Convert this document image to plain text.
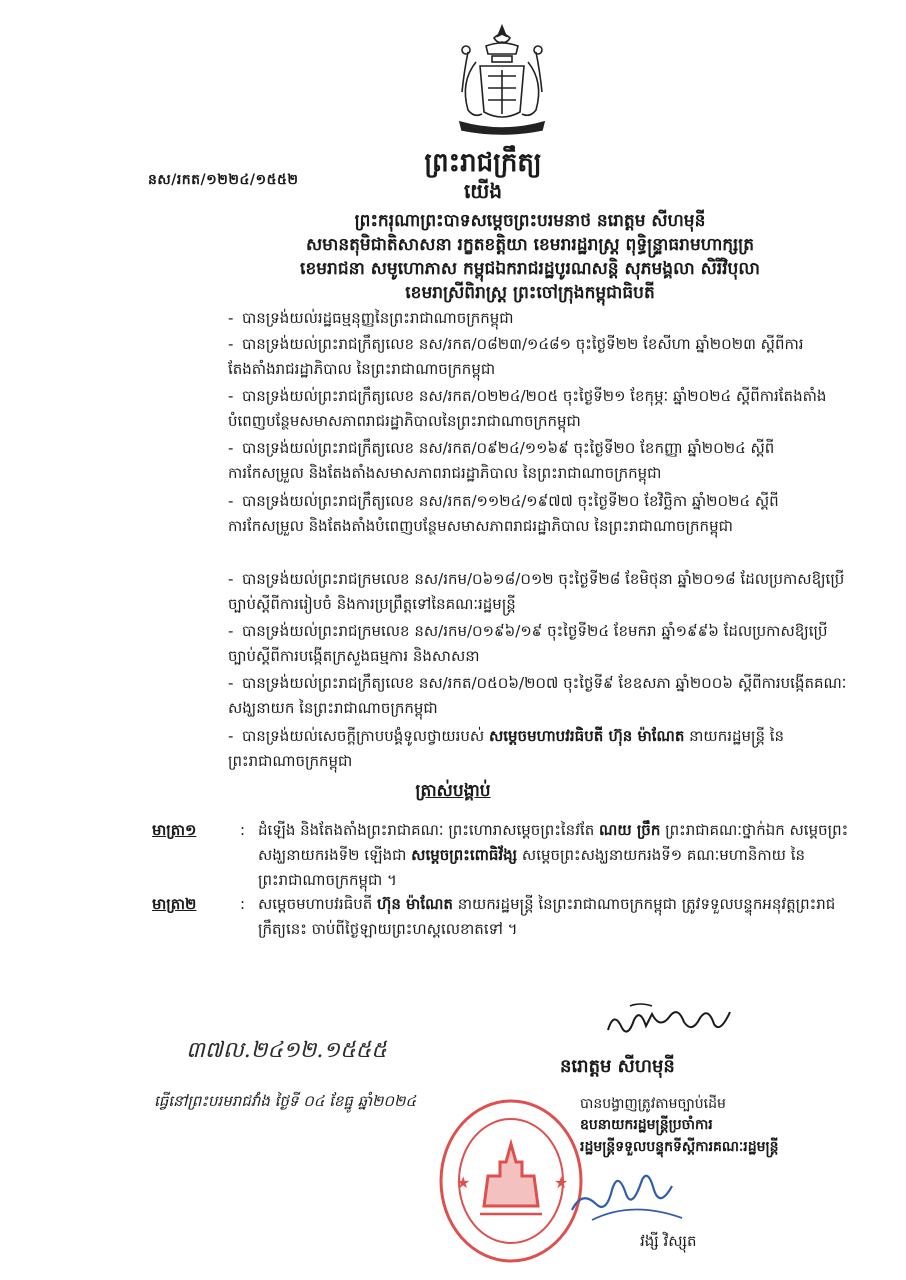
នស/រកត/១២២៤/១៥៥២
ព្រះរាជក្រឹត្យ
យើង
ព្រះករុណាព្រះបាទសម្តេចព្រះបរមនាថ នរោត្តម សីហមុនី
សមានតុមិជាតិសាសនា រក្ខតខត្តិយា ខេមរារដ្ឋរាស្ត្រ ពុទ្ធិន្ទ្រាធរាមហាក្សត្រ
ខេមរាជនា សមូហោភាស កម្ពុជឯករាជរដ្ឋបូរណសន្តិ សុភមង្គលា សិរីវិបុលា
ខេមរាស្រីពិរាស្ត្រ ព្រះចៅក្រុងកម្ពុជាធិបតី
- បានទ្រង់យល់រដ្ឋធម្មនុញ្ញនៃព្រះរាជាណាចក្រកម្ពុជា
- បានទ្រង់យល់ព្រះរាជក្រឹត្យលេខ នស/រកត/០៨២៣/១៤៨១ ចុះថ្ងៃទី២២ ខែសីហា ឆ្នាំ២០២៣ ស្តីពីការតែងតាំងរាជរដ្ឋាភិបាល នៃព្រះរាជាណាចក្រកម្ពុជា
- បានទ្រង់យល់ព្រះរាជក្រឹត្យលេខ នស/រកត/០២២៤/២០៥ ចុះថ្ងៃទី២១ ខែកុម្ភៈ ឆ្នាំ២០២៤ ស្តីពីការតែងតាំងបំពេញបន្ថែមសមាសភាពរាជរដ្ឋាភិបាលនៃព្រះរាជាណាចក្រកម្ពុជា
- បានទ្រង់យល់ព្រះរាជក្រឹត្យលេខ នស/រកត/០៩២៤/១១៦៩ ចុះថ្ងៃទី២០ ខែកញ្ញា ឆ្នាំ២០២៤ ស្តីពីការកែសម្រួល និងតែងតាំងសមាសភាពរាជរដ្ឋាភិបាល នៃព្រះរាជាណាចក្រកម្ពុជា
- បានទ្រង់យល់ព្រះរាជក្រឹត្យលេខ នស/រកត/១១២៤/១៩៧៧ ចុះថ្ងៃទី២០ ខែវិច្ឆិកា ឆ្នាំ២០២៤ ស្តីពីការកែសម្រួល និងតែងតាំងបំពេញបន្ថែមសមាសភាពរាជរដ្ឋាភិបាល នៃព្រះរាជាណាចក្រកម្ពុជា
- បានទ្រង់យល់ព្រះរាជក្រមលេខ នស/រកម/០៦១៨/០១២ ចុះថ្ងៃទី២៨ ខែមិថុនា ឆ្នាំ២០១៨ ដែលប្រកាសឱ្យប្រើច្បាប់ស្តីពីការរៀបចំ និងការប្រព្រឹត្តទៅនៃគណៈរដ្ឋមន្ត្រី
- បានទ្រង់យល់ព្រះរាជក្រមលេខ នស/រកម/០១៩៦/១៩ ចុះថ្ងៃទី២៤ ខែមករា ឆ្នាំ១៩៩៦ ដែលប្រកាសឱ្យប្រើច្បាប់ស្តីពីការបង្កើតក្រសួងធម្មការ និងសាសនា
- បានទ្រង់យល់ព្រះរាជក្រឹត្យលេខ នស/រកត/០៥០៦/២០៧ ចុះថ្ងៃទី៩ ខែឧសភា ឆ្នាំ២០០៦ ស្តីពីការបង្កើតគណៈសង្ឃនាយក នៃព្រះរាជាណាចក្រកម្ពុជា
- បានទ្រង់យល់សេចក្តីក្រាបបង្គំទូលថ្វាយរបស់ សម្តេចមហាបវរធិបតី ហ៊ុន ម៉ាណែត នាយករដ្ឋមន្ត្រី នៃព្រះរាជាណាចក្រកម្ពុជា
ត្រាស់បង្គាប់
មាត្រា១	: ដំឡើង និងតែងតាំងព្រះរាជាគណៈ ព្រះហោរាសម្តេចព្រះនៃវតែ ណយ ច្រឹក ព្រះរាជាគណៈថ្នាក់ឯក សម្តេចព្រះសង្ឃនាយករងទី២ ឡើងជា សម្តេចព្រះពោធិវ័ង្ស សម្តេចព្រះសង្ឃនាយករងទី១ គណៈមហានិកាយ នៃព្រះរាជាណាចក្រកម្ពុជា ។
មាត្រា២	: សម្តេចមហាបវរធិបតី ហ៊ុន ម៉ាណែត នាយករដ្ឋមន្ត្រី នៃព្រះរាជាណាចក្រកម្ពុជា ត្រូវទទួលបន្ទុកអនុវត្តព្រះរាជក្រឹត្យនេះ ចាប់ពីថ្ងៃឡាយព្រះហស្តលេខាតទៅ ។
៣៧ល.២៤១២.១៥៥៥
នរោត្តម សីហមុនី
ធ្វើនៅព្រះបរមរាជវាំង ថ្ងៃទី ០៤ ខែធ្នូ ឆ្នាំ២០២៤	បានបង្វាញត្រូវតាមច្បាប់ដើម
ឧបនាយករដ្ឋមន្ត្រីប្រចាំការ
រដ្ឋមន្ត្រីទទួលបន្ទុកទីស្តីការគណៈរដ្ឋមន្ត្រី
★	★
វង្សី វិស្សុត
